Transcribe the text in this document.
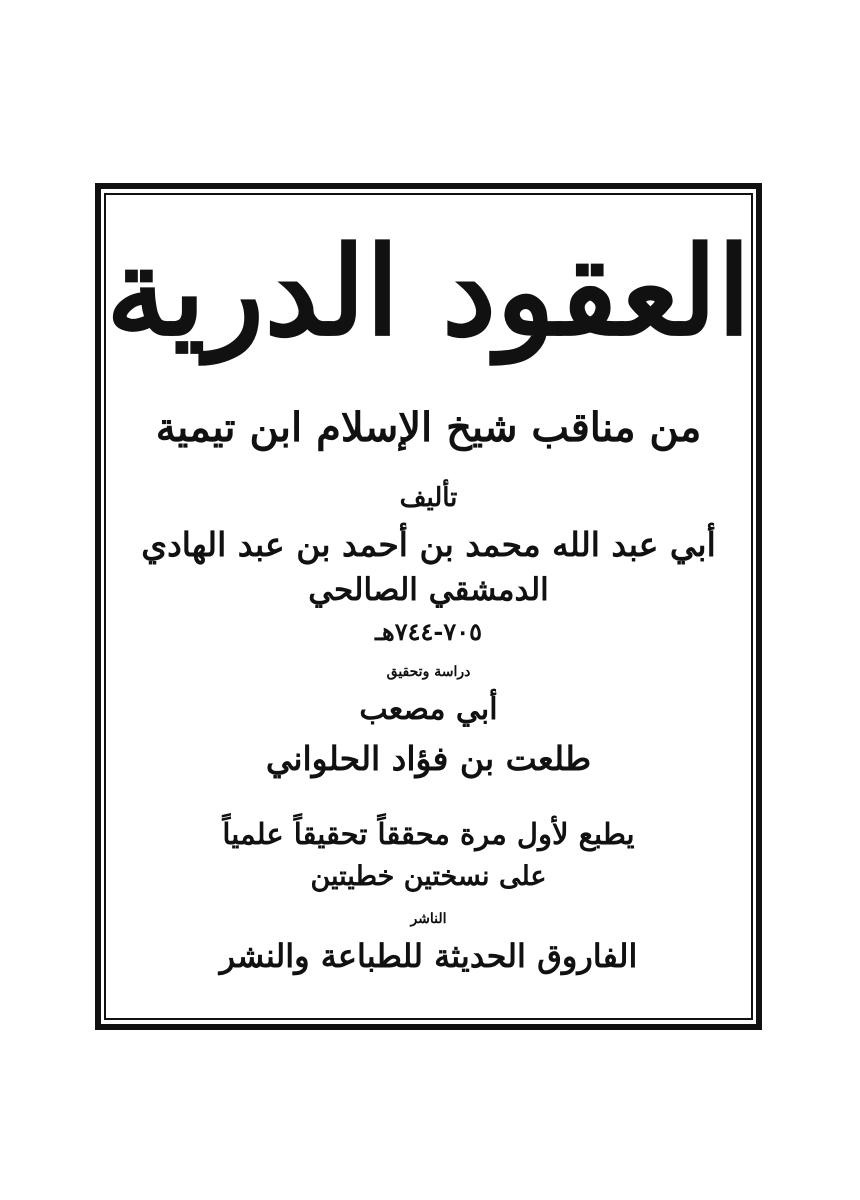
العقود الدرية
من مناقب شيخ الإسلام ابن تيمية
تأليف
أبي عبد الله محمد بن أحمد بن عبد الهادي
الدمشقي الصالحي
٧٠٥-٧٤٤هـ
دراسة وتحقيق
أبي مصعب
طلعت بن فؤاد الحلواني
يطبع لأول مرة محققاً تحقيقاً علمياً
على نسختين خطيتين
الناشر
الفاروق الحديثة للطباعة والنشر
